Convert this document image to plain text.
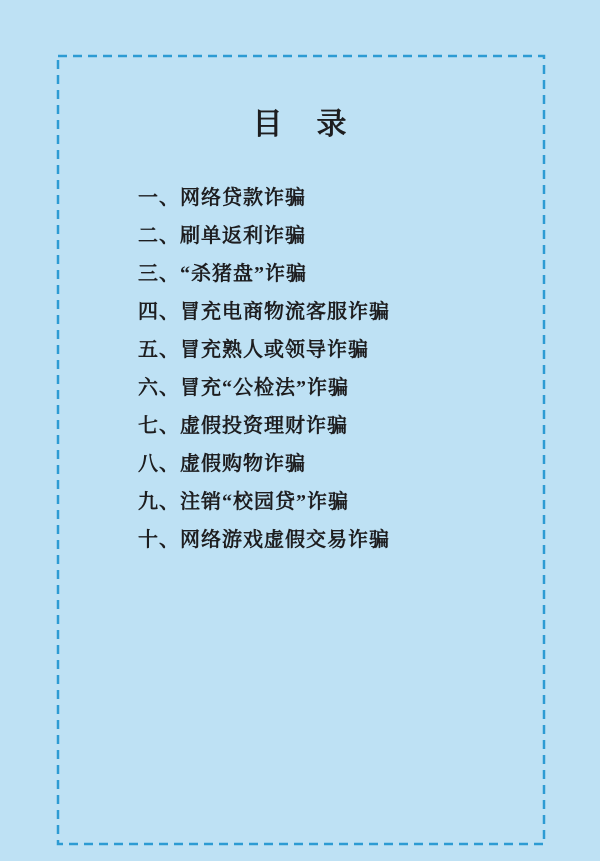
目　录
一、网络贷款诈骗
二、刷单返利诈骗
三、“杀猪盘”诈骗
四、冒充电商物流客服诈骗
五、冒充熟人或领导诈骗
六、冒充“公检法”诈骗
七、虚假投资理财诈骗
八、虚假购物诈骗
九、注销“校园贷”诈骗
十、网络游戏虚假交易诈骗
